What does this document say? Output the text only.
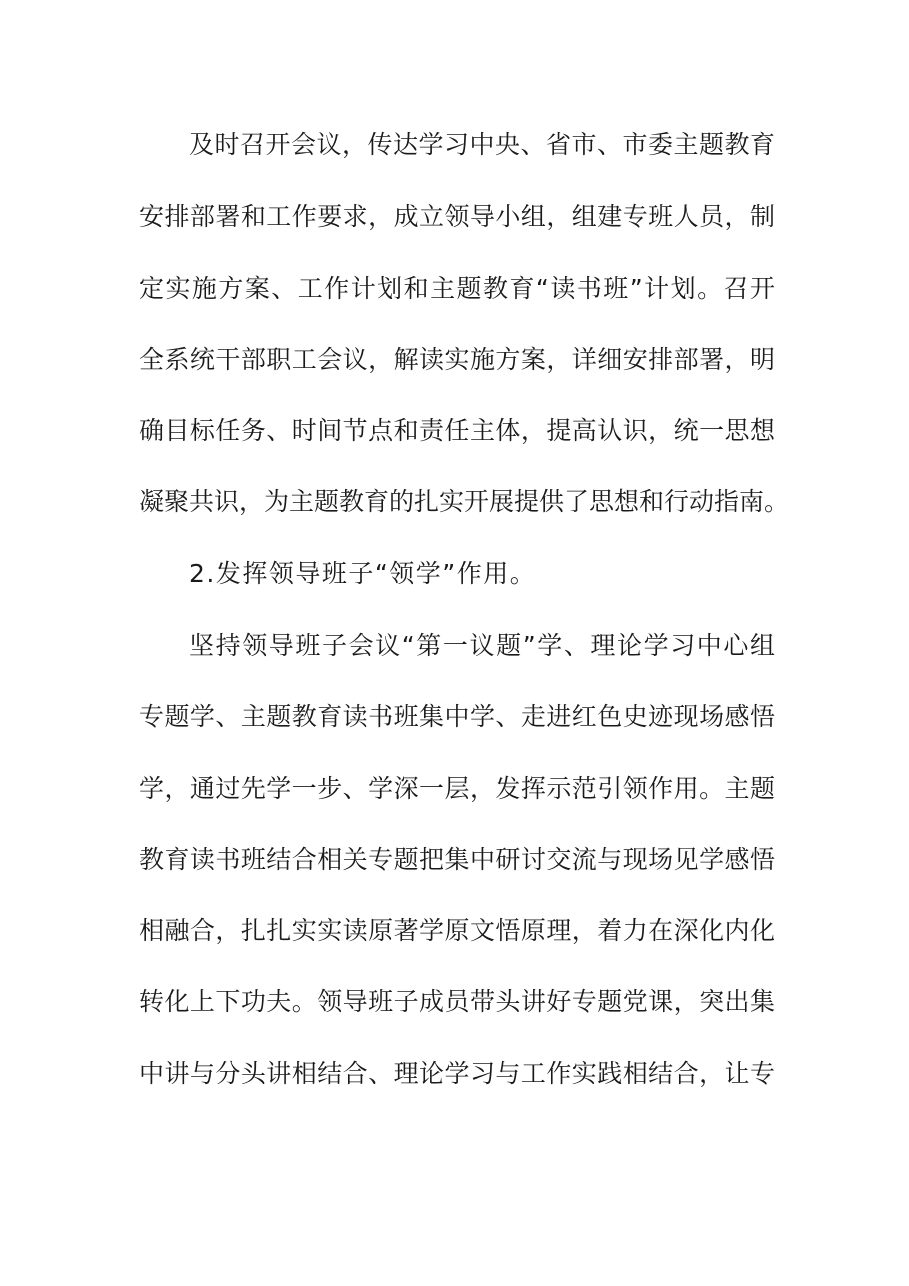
及时召开会议，传达学习中央、省市、市委主题教育
安排部署和工作要求，成立领导小组，组建专班人员，制
定实施方案、工作计划和主题教育“读书班”计划。召开
全系统干部职工会议，解读实施方案，详细安排部署，明
确目标任务、时间节点和责任主体，提高认识，统一思想
凝聚共识，为主题教育的扎实开展提供了思想和行动指南。
2.发挥领导班子“领学”作用。
坚持领导班子会议“第一议题”学、理论学习中心组
专题学、主题教育读书班集中学、走进红色史迹现场感悟
学，通过先学一步、学深一层，发挥示范引领作用。主题
教育读书班结合相关专题把集中研讨交流与现场见学感悟
相融合，扎扎实实读原著学原文悟原理，着力在深化内化
转化上下功夫。领导班子成员带头讲好专题党课，突出集
中讲与分头讲相结合、理论学习与工作实践相结合，让专
